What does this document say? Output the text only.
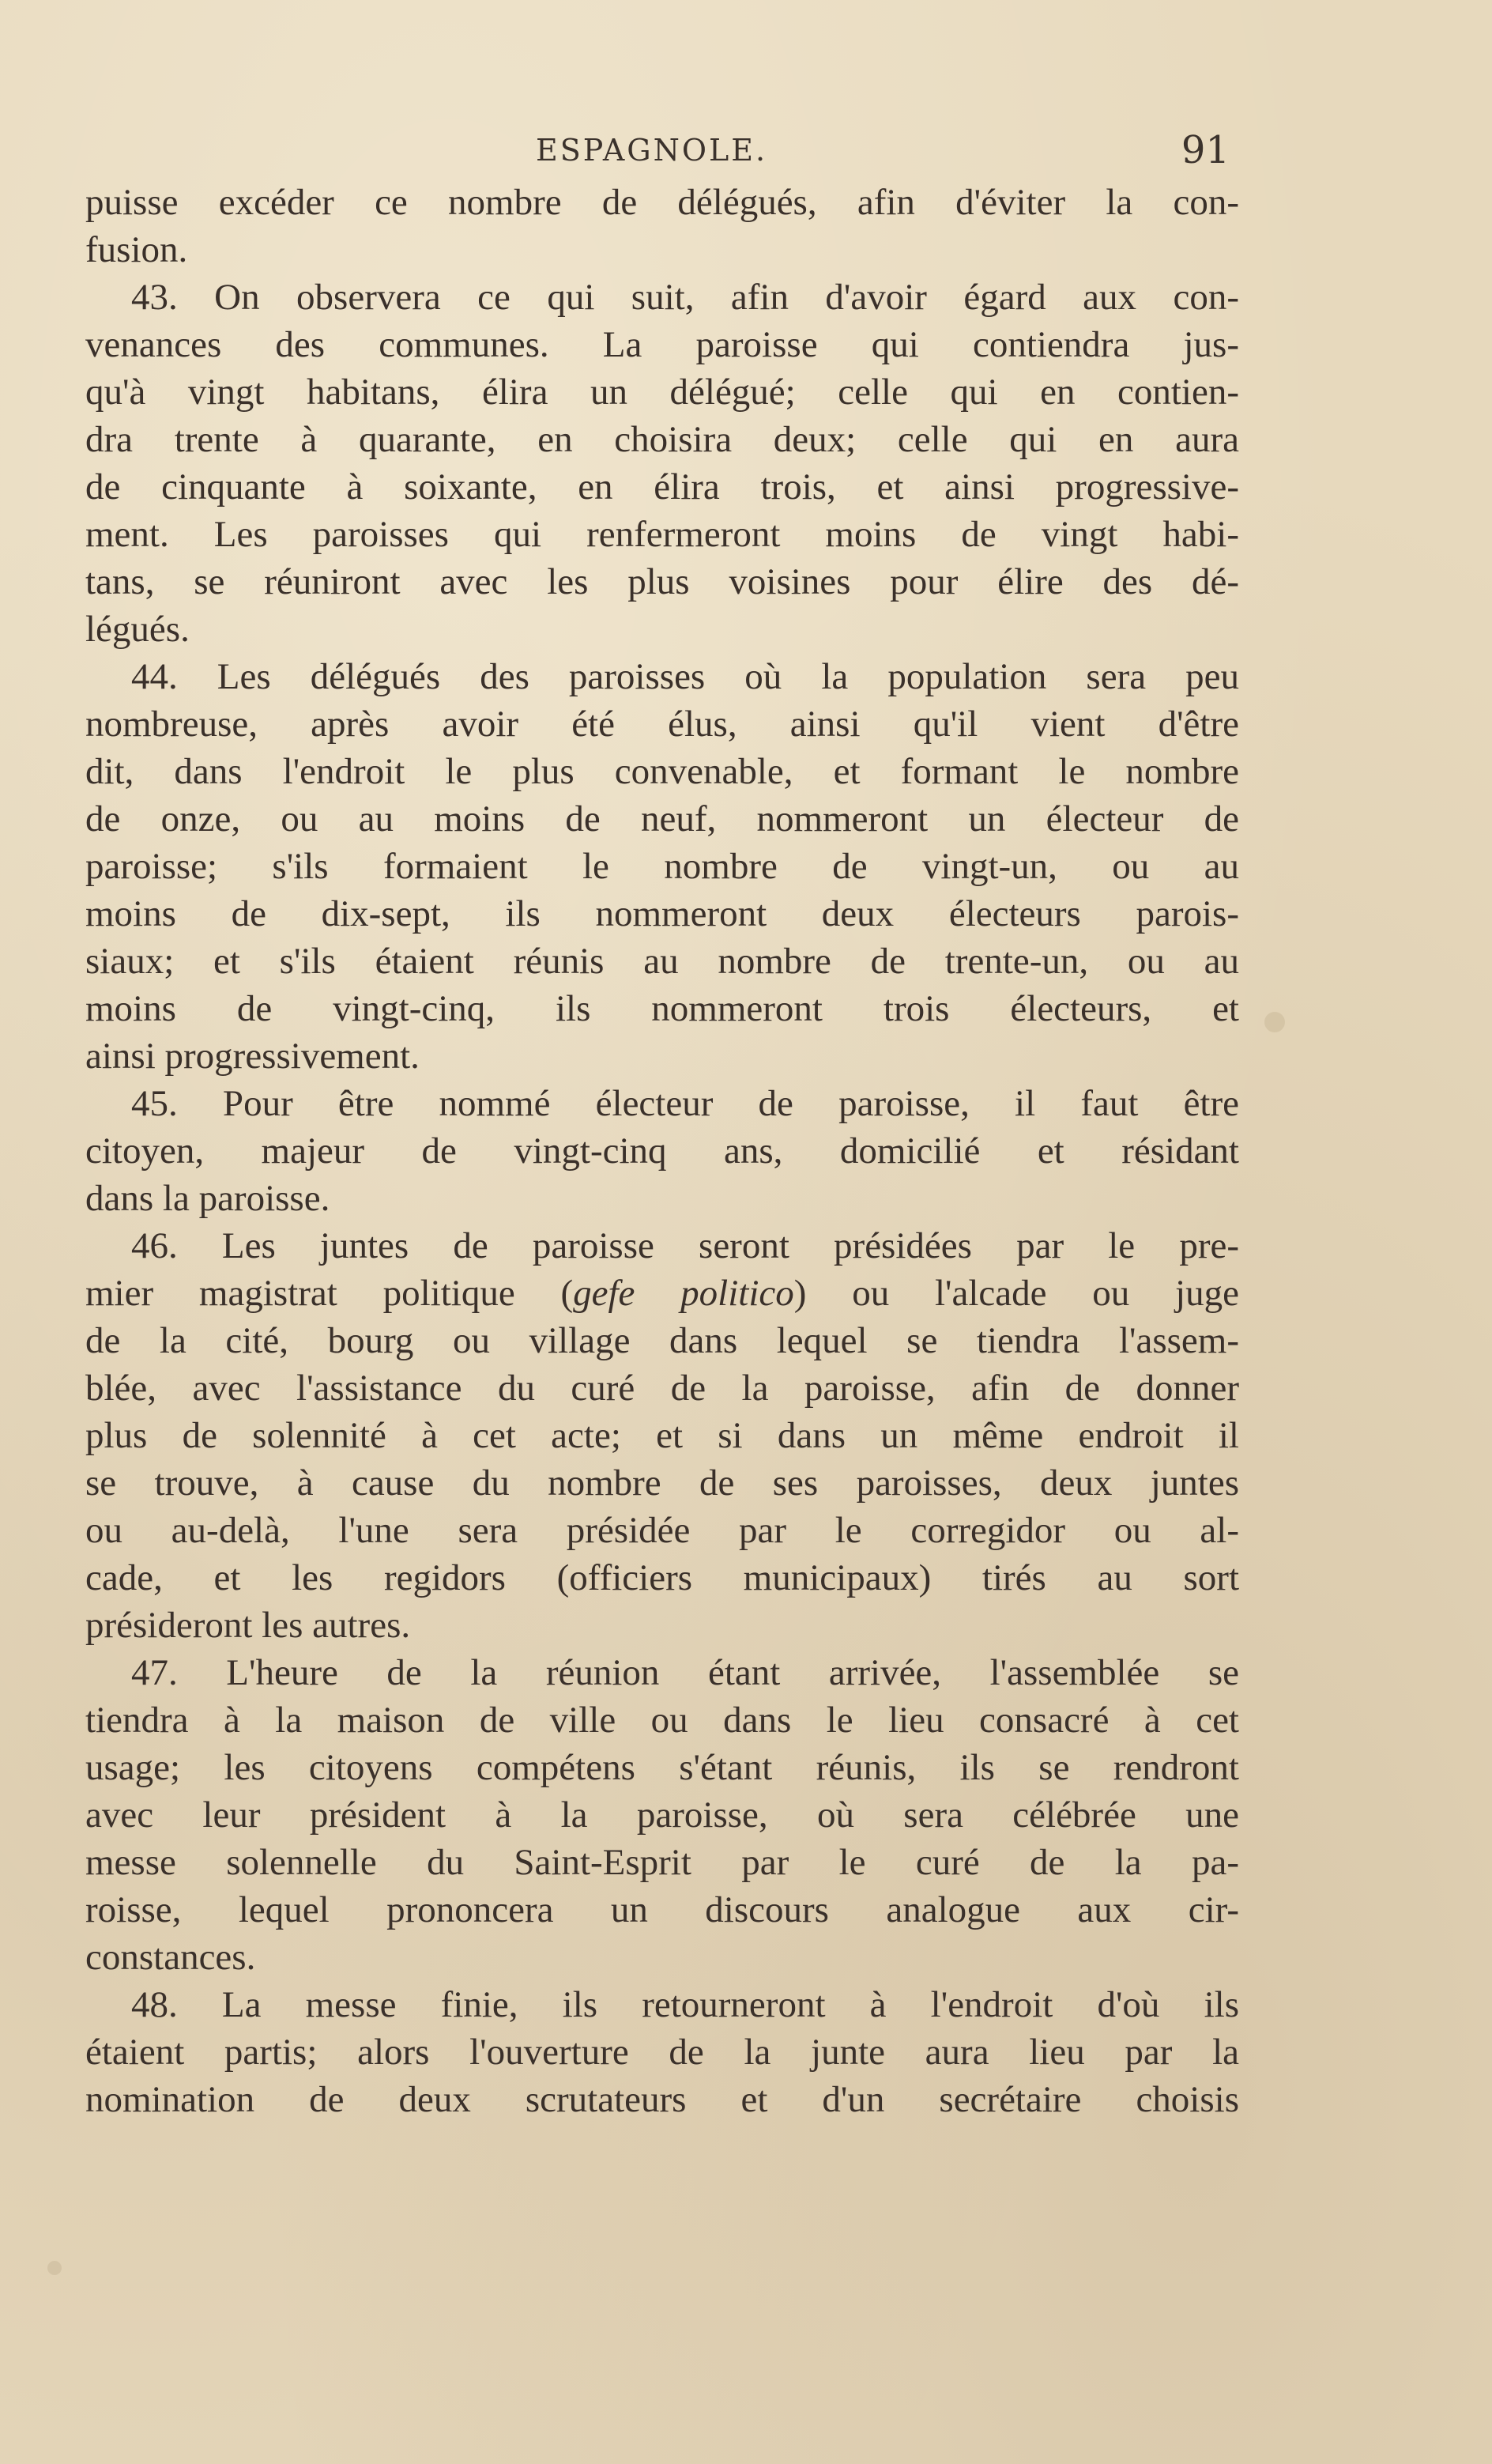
ESPAGNOLE.	91
puisse excéder ce nombre de délégués, afin d'éviter la con-
fusion.
43. On observera ce qui suit, afin d'avoir égard aux con-
venances des communes. La paroisse qui contiendra jus-
qu'à vingt habitans, élira un délégué; celle qui en contien-
dra trente à quarante, en choisira deux; celle qui en aura
de cinquante à soixante, en élira trois, et ainsi progressive-
ment. Les paroisses qui renfermeront moins de vingt habi-
tans, se réuniront avec les plus voisines pour élire des dé-
légués.
44. Les délégués des paroisses où la population sera peu
nombreuse, après avoir été élus, ainsi qu'il vient d'être
dit, dans l'endroit le plus convenable, et formant le nombre
de onze, ou au moins de neuf, nommeront un électeur de
paroisse; s'ils formaient le nombre de vingt-un, ou au
moins de dix-sept, ils nommeront deux électeurs parois-
siaux; et s'ils étaient réunis au nombre de trente-un, ou au
moins de vingt-cinq, ils nommeront trois électeurs, et
ainsi progressivement.
45. Pour être nommé électeur de paroisse, il faut être
citoyen, majeur de vingt-cinq ans, domicilié et résidant
dans la paroisse.
46. Les juntes de paroisse seront présidées par le pre-
mier magistrat politique (gefe politico) ou l'alcade ou juge
de la cité, bourg ou village dans lequel se tiendra l'assem-
blée, avec l'assistance du curé de la paroisse, afin de donner
plus de solennité à cet acte; et si dans un même endroit il
se trouve, à cause du nombre de ses paroisses, deux juntes
ou au-delà, l'une sera présidée par le corregidor ou al-
cade, et les regidors (officiers municipaux) tirés au sort
présideront les autres.
47. L'heure de la réunion étant arrivée, l'assemblée se
tiendra à la maison de ville ou dans le lieu consacré à cet
usage; les citoyens compétens s'étant réunis, ils se rendront
avec leur président à la paroisse, où sera célébrée une
messe solennelle du Saint-Esprit par le curé de la pa-
roisse, lequel prononcera un discours analogue aux cir-
constances.
48. La messe finie, ils retourneront à l'endroit d'où ils
étaient partis; alors l'ouverture de la junte aura lieu par la
nomination de deux scrutateurs et d'un secrétaire choisis
